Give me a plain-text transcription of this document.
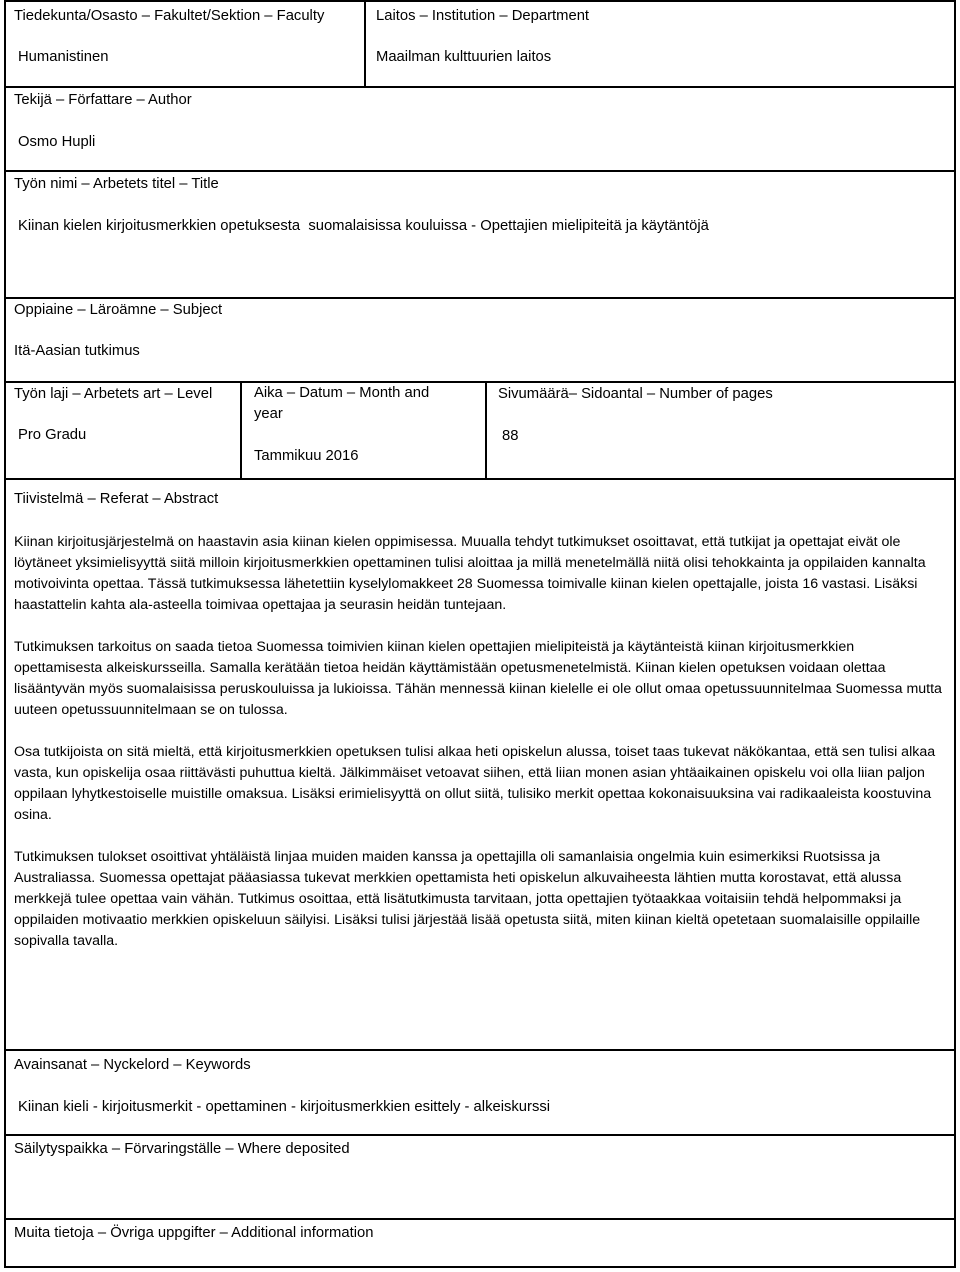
Tiedekunta/Osasto – Fakultet/Sektion – Faculty
Humanistinen
Laitos – Institution – Department
Maailman kulttuurien laitos
Tekijä – Författare – Author
Osmo Hupli
Työn nimi – Arbetets titel – Title
Kiinan kielen kirjoitusmerkkien opetuksesta  suomalaisissa kouluissa - Opettajien mielipiteitä ja käytäntöjä
Oppiaine – Läroämne – Subject
Itä-Aasian tutkimus
Työn laji – Arbetets art – Level
Pro Gradu
Aika – Datum – Month and year
Tammikuu 2016
Sivumäärä– Sidoantal – Number of pages
88
Tiivistelmä – Referat – Abstract

Kiinan kirjoitusjärjestelmä on haastavin asia kiinan kielen oppimisessa. Muualla tehdyt tutkimukset osoittavat, että tutkijat ja opettajat eivät ole löytäneet yksimielisyyttä siitä milloin kirjoitusmerkkien opettaminen tulisi aloittaa ja millä menetelmällä niitä olisi tehokkainta ja oppilaiden kannalta motivoivinta opettaa. Tässä tutkimuksessa lähetettiin kyselylomakkeet 28 Suomessa toimivalle kiinan kielen opettajalle, joista 16 vastasi. Lisäksi haastattelin kahta ala-asteella toimivaa opettajaa ja seurasin heidän tuntejaan.

Tutkimuksen tarkoitus on saada tietoa Suomessa toimivien kiinan kielen opettajien mielipiteistä ja käytänteistä kiinan kirjoitusmerkkien opettamisesta alkeiskursseilla. Samalla kerätään tietoa heidän käyttämistään opetusmenetelmistä. Kiinan kielen opetuksen voidaan olettaa lisääntyvän myös suomalaisissa peruskouluissa ja lukioissa. Tähän mennessä kiinan kielelle ei ole ollut omaa opetussuunnitelmaa Suomessa mutta uuteen opetussuunnitelmaan se on tulossa.

Osa tutkijoista on sitä mieltä, että kirjoitusmerkkien opetuksen tulisi alkaa heti opiskelun alussa, toiset taas tukevat näkökantaa, että sen tulisi alkaa vasta, kun opiskelija osaa riittävästi puhuttua kieltä. Jälkimmäiset vetoavat siihen, että liian monen asian yhtäaikainen opiskelu voi olla liian paljon oppilaan lyhytkestoiselle muistille omaksua. Lisäksi erimielisyyttä on ollut siitä, tulisiko merkit opettaa kokonaisuuksina vai radikaaleista koostuvina osina.

Tutkimuksen tulokset osoittivat yhtäläistä linjaa muiden maiden kanssa ja opettajilla oli samanlaisia ongelmia kuin esimerkiksi Ruotsissa ja Australiassa. Suomessa opettajat pääasiassa tukevat merkkien opettamista heti opiskelun alkuvaiheesta lähtien mutta korostavat, että alussa merkkejä tulee opettaa vain vähän. Tutkimus osoittaa, että lisätutkimusta tarvitaan, jotta opettajien työtaakkaa voitaisiin tehdä helpommaksi ja oppilaiden motivaatio merkkien opiskeluun säilyisi. Lisäksi tulisi järjestää lisää opetusta siitä, miten kiinan kieltä opetetaan suomalaisille oppilaille sopivalla tavalla.

Avainsanat – Nyckelord – Keywords
Kiinan kieli - kirjoitusmerkit - opettaminen - kirjoitusmerkkien esittely - alkeiskurssi
Säilytyspaikka – Förvaringställe – Where deposited
Muita tietoja – Övriga uppgifter – Additional information
